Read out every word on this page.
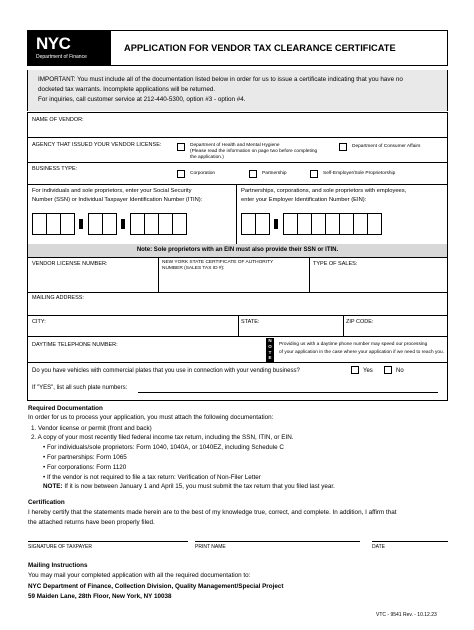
NYC
Department of Finance
APPLICATION FOR VENDOR TAX CLEARANCE CERTIFICATE
IMPORTANT: You must include all of the documentation listed below in order for us to issue a certificate indicating that you have no
docketed tax warrants. Incomplete applications will be returned.
For inquiries, call customer service at 212-440-5300, option #3 - option #4.
NAME OF VENDOR:
AGENCY THAT ISSUED YOUR VENDOR LICENSE:	Department of Health and Mental Hygiene
(Please read the information on page two before completing
the application.)
Department of Consumer Affairs
BUSINESS TYPE:
Corporation	Partnership	Self-Employer/Sole Proprietorship
For individuals and sole proprietors, enter your Social Security
Number (SSN) or Individual Taxpayer Identification Number (ITIN):
Partnerships, corporations, and sole proprietors with employees,
enter your Employer Identification Number (EIN):
Note: Sole proprietors with an EIN must also provide their SSN or ITIN.
VENDOR LICENSE NUMBER:	NEW YORK STATE CERTIFICATE OF AUTHORITY
NUMBER (SALES TAX ID #):
TYPE OF SALES:
MAILING ADDRESS:
CITY:	STATE:	ZIP CODE:
DAYTIME TELEPHONE NUMBER:
NOTE
Providing us with a daytime phone number may speed our processing
of your application in the case where your application if we need to reach you.
Do you have vehicles with commercial plates that you use in connection with your vending business?	Yes	No
If "YES", list all such plate numbers:
Required Documentation
In order for us to process your application, you must attach the following documentation:
1. Vendor license or permit (front and back)
2. A copy of your most recently filed federal income tax return, including the SSN, ITIN, or EIN.
• For individuals/sole proprietors: Form 1040, 1040A, or 1040EZ, including Schedule C
• For partnerships: Form 1065
• For corporations: Form 1120
• If the vendor is not required to file a tax return: Verification of Non-Filer Letter
NOTE: If it is now between January 1 and April 15, you must submit the tax return that you filed last year.
Certification
I hereby certify that the statements made herein are to the best of my knowledge true, correct, and complete. In addition, I affirm that
the attached returns have been properly filed.
SIGNATURE OF TAXPAYER	PRINT NAME	DATE
Mailing Instructions
You may mail your completed application with all the required documentation to:
NYC Department of Finance, Collection Division, Quality Management/Special Project
59 Maiden Lane, 28th Floor, New York, NY 10038
VTC - 9541 Rev. - 10.12.23
